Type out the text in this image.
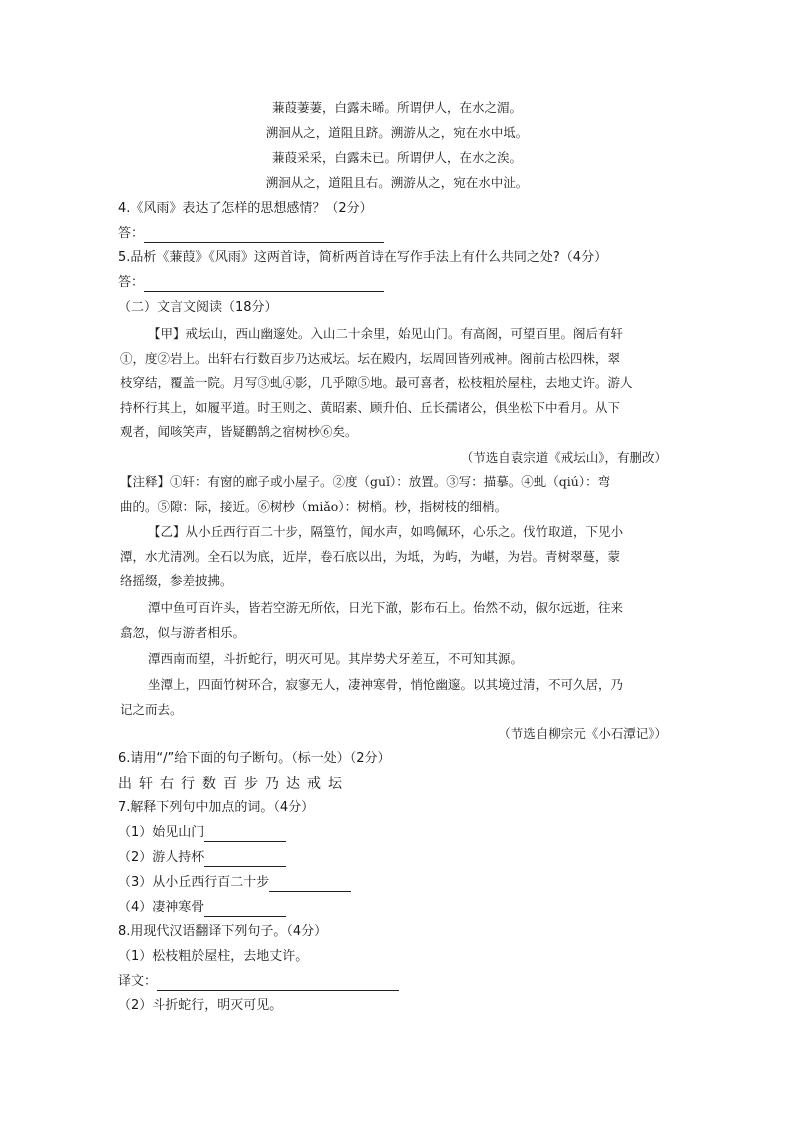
蒹葭萋萋，白露未晞。所谓伊人，在水之湄。
溯洄从之，道阻且跻。溯游从之，宛在水中坻。
蒹葭采采，白露未已。所谓伊人，在水之涘。
溯洄从之，道阻且右。溯游从之，宛在水中沚。
4.《风雨》表达了怎样的思想感情？（2分）
答：
5.品析《蒹葭》《风雨》这两首诗，简析两首诗在写作手法上有什么共同之处?（4分）
答：
（二）文言文阅读（18分）
【甲】戒坛山，西山幽邃处。入山二十余里，始见山门。有高阁，可望百里。阁后有轩
①，度②岩上。出轩右行数百步乃达戒坛。坛在殿内，坛周回皆列戒神。阁前古松四株，翠
枝穿结，覆盖一院。月写③虬④影，几乎隙⑤地。最可喜者，松枝粗於屋柱，去地丈许。游人
持杯行其上，如履平道。时王则之、黄昭素、顾升伯、丘长孺诸公，俱坐松下中看月。从下
观者，闻咳笑声，皆疑鹳鹄之宿树杪⑥矣。
（节选自袁宗道《戒坛山》，有删改）
【注释】①轩：有窗的廊子或小屋子。②度（guǐ）：放置。③写：描摹。④虬（qiú）：弯
曲的。⑤隙：际，接近。⑥树杪（miǎo）：树梢。杪，指树枝的细梢。
【乙】从小丘西行百二十步，隔篁竹，闻水声，如鸣佩环，心乐之。伐竹取道，下见小
潭，水尤清冽。全石以为底，近岸，卷石底以出，为坻，为屿，为嵁，为岩。青树翠蔓，蒙
络摇缀，参差披拂。
潭中鱼可百许头，皆若空游无所依，日光下澈，影布石上。佁然不动，俶尔远逝，往来
翕忽，似与游者相乐。
潭西南而望，斗折蛇行，明灭可见。其岸势犬牙差互，不可知其源。
坐潭上，四面竹树环合，寂寥无人，凄神寒骨，悄怆幽邃。以其境过清，不可久居，乃
记之而去。
（节选自柳宗元《小石潭记》）
6.请用“/”给下面的句子断句。（标一处）（2分）
出轩右行数百步乃达戒坛
7.解释下列句中加点的词。（4分）
（1）始见山门
（2）游人持杯
（3）从小丘西行百二十步
（4）凄神寒骨
8.用现代汉语翻译下列句子。（4分）
（1）松枝粗於屋柱，去地丈许。
译文：
（2）斗折蛇行，明灭可见。
